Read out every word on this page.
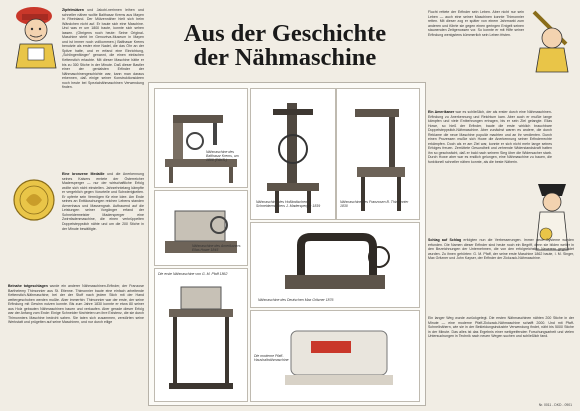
Zipfelmützen und Jakobi-nerinnen leihen und schneller nähen wollte Balthasar Krems aus Mayen in Rheinland. Der Mützennäher hielt sich beim Wändchen nicht auf. Er baute sich eine Maschine. Und was er um 1800 baute, konnte sich sehen lassen. (Obrigens noch heute: Seine Original-Maschine steht im Genovéva-Museum in Mayen und ist immer noch vollkommen.) Balthasar Krems benutzte als erster eine Nadel, die das Öhr an der Spitze hatte, und er erfand eine Einrichtung, „Schlingenfänger" genannt, die einen einfachen Kettenstich erlaubte. Mit dieser Maschine hätte er bis zu 300 Stiche in der Minute. Daß dieser Bastler einer der genialsten Erfinder der Nähmaschinengeschichte war, kann man daraus erkennen, daß einige seiner Konstruktionsideen noch heute bei Spezialnähmaschinen Verwendung finden.

Eine bronzene Medaille und die Anerkennung seines Kaisers erntete der Österreicher Madersperger — nur der wirtschaftliche Erfolg wollte sich nicht einstellen. Jahrzehntelang kämpfte er vergeblich gegen Vorurteile und Schwierigkeiten. Er opferte sein Vermögen für eine Idee. Am Ende seines an Enttäuschungen reichen Lebens standen Armenhaus und Massengrab. Aufbauend auf die Leistungen seiner Vorgänger erfand der Schneidermeister Madersperger eine Zwirnfadenmaschine, die einen verkrüppelten Doppelsteppstich nähte und um die 200 Stiche in der Minute bewältigte.

Beinahe totgeschlagen wurde ein anderer Nähmaschinen-Erfinder, der Franzose Barthelemy Thimonnier aus St. Etienne. Thimonnier baute eine einfach arbeitende Kettenstich-Nähmaschine, bei der der Stoff nach jedem Stich mit der Hand weitergeschoben werden mußte. Aber immerhin: Thimonnier war der erste, der seine Erfindung mit Gewinn nutzen konnte. Bis zum Jahre 1830 konnte er etwa 80 seiner aus Holz gebauten Nähmaschinen bauen und verkaufen. Aber gerade dieser Erfolg war der Anfang vom Ende: Einige Schneider fürchteten um ihre Existenz, die sie durch Thimonniers Maschine bedroht sahen. Sie taten sich zusammen, zerstörten seine Werkstatt und prügelten auf seine Maschinen, und nur durch eilige

Aus der Geschichte
der Nähmaschine
Nähmaschine des Balthasar Krems, um 1800 (FAKS.)
Nähmaschine des Holländischen Schneidermeisters J. Madersperger 1839
Nähmaschine des Franzosen B. Thimonnier 1830
Nähmaschine des Amerikaners Elias Howe 1845
Nähmaschine des Deutschen Max Gritzner 1876
Die erste Nähmaschine von G. M. Pfaff 1862
Die moderne Pfaff-Haushaltnähmaschine

Flucht rettete der Erfinder sein Leben. Aber nicht nur sein Leben — auch eine seiner Maschinen konnte Thimonnier retten. Mit dieser zog er später von einem Jahrmarkt zum anderen und führte sie gegen einen geringen Entgelt seinen staunenden Zeitgenossen vor. So konnte er mit Hilfe seiner Erfindung wenigstens kümmerlich sein Leben fristen.

Ein Amerikaner war es schließlich, der als erster durch eine Nähmaschinen-Erfindung zu Anerkennung und Reichtum kam. Aber auch er mußte lange kämpfen und viele Entbehrungen ertragen, bis er sein Ziel gelangte. Elias Howe, so hieß der Erfinder, baute die erste wirklich brauchbare Doppelsteppstich-Nähmaschine. Aber zunächst waren es andere, die durch Reklame die neue Maschine populär machten und an ihr verdienten. Durch einen Prozessen mußte sich Howe die Anerkennung seiner Erfinderrechte erkämpfen. Doch als er am Ziel war, konnte er sich nicht mehr lange seines Erfolges freuen. Zerrüttete Gesundheit und zehrende Widerstandskraft hatten ihn so geschwächt, daß er bald nach seinem Sieg über die Widersacher starb. Durch Howe aber war es endlich gelungen, eine Nähmaschine zu bauen, die funktionell schneller nähen konnte, als die beste Näherin.

Schlag auf Schlag erfolgten nun die Verbesserungen. Immer neue Systeme wurden erfunden. Die Namen dieser Erfinder sind heute noch ein Begriff, denn sie bilden weiter in den Bezeichnungen der Unternehmen, die von den erfolgreichsten Neuerern gegründet wurden. Zu ihnen gehörten: G. M. Pfaff, der seine erste Maschine 1862 baute, I. M. Singer, Max Gritzner und John Kayser, der Erfinder der Zickzack-Nähmaschine.

Ein langer Weg wurde zurückgelegt. Die ersten Nähmaschinen nähten 200 Stiche in der Minute — eine moderne Pfaff-Zickzack-Nähmaschine schafft 2000. Und mit Pfaff-Schnellnähern, wie sie in der Bekleidungsindustrie Verwendung findet, näht bis 5000 Stiche in der Minute. Das alles ist das Ergebnis einer weitgreifenden Forschungsarbeit und vielen Untersuchungen in Technik nach neuen Wegen suchen und schließlich fand.

Nr. 0011 - DKD - 0901
